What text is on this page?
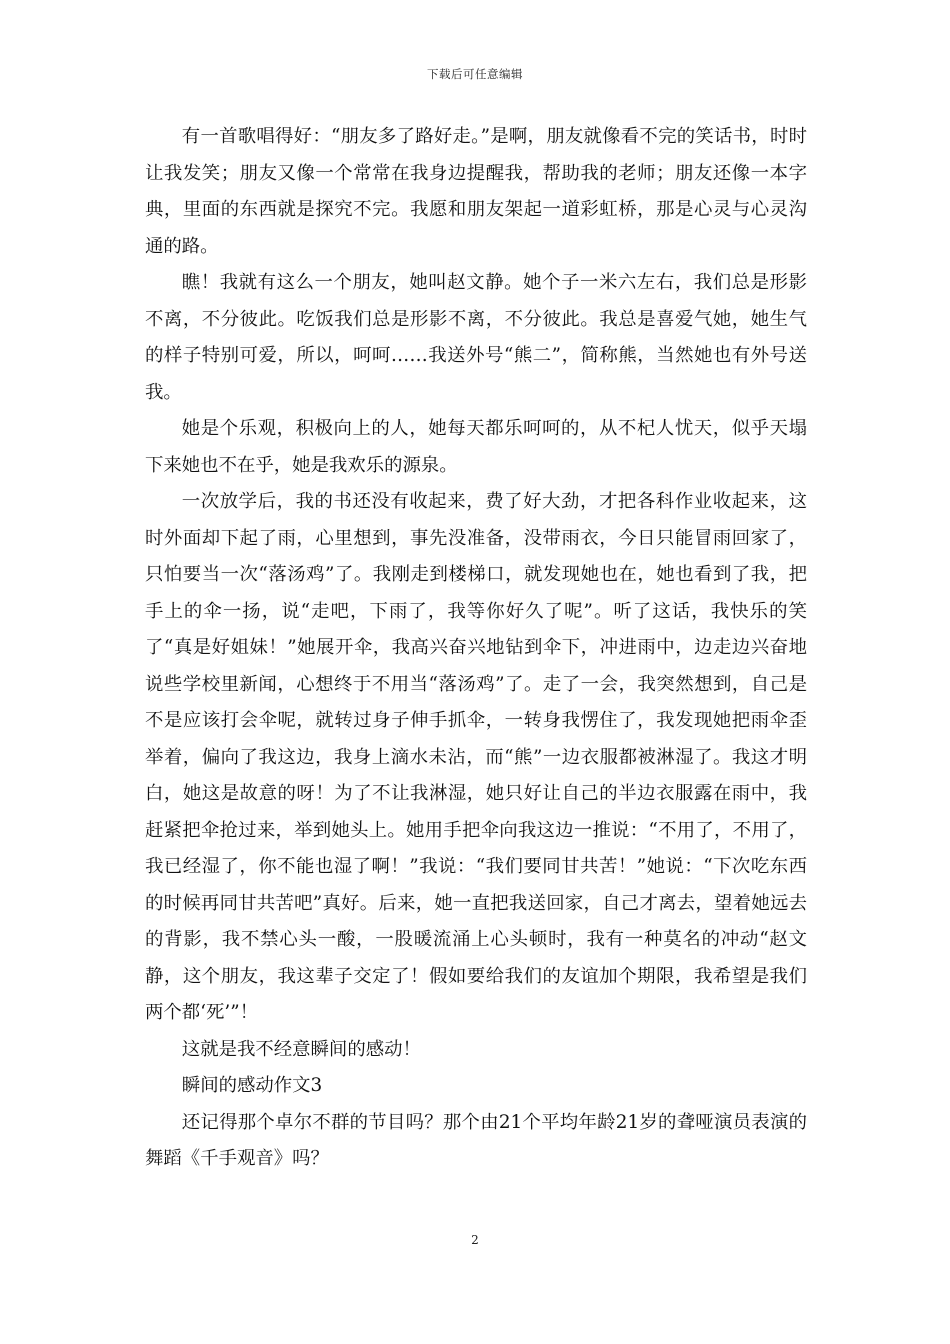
下载后可任意编辑

有一首歌唱得好：“朋友多了路好走。”是啊，朋友就像看不完的笑话书，时时让我发笑；朋友又像一个常常在我身边提醒我，帮助我的老师；朋友还像一本字典，里面的东西就是探究不完。我愿和朋友架起一道彩虹桥，那是心灵与心灵沟通的路。

瞧！我就有这么一个朋友，她叫赵文静。她个子一米六左右，我们总是形影不离，不分彼此。吃饭我们总是形影不离，不分彼此。我总是喜爱气她，她生气的样子特别可爱，所以，呵呵……我送外号“熊二”，简称熊，当然她也有外号送我。

她是个乐观，积极向上的人，她每天都乐呵呵的，从不杞人忧天，似乎天塌下来她也不在乎，她是我欢乐的源泉。

一次放学后，我的书还没有收起来，费了好大劲，才把各科作业收起来，这时外面却下起了雨，心里想到，事先没准备，没带雨衣，今日只能冒雨回家了，只怕要当一次“落汤鸡”了。我刚走到楼梯口，就发现她也在，她也看到了我，把手上的伞一扬，说“走吧，下雨了，我等你好久了呢”。听了这话，我快乐的笑了“真是好姐妹！”她展开伞，我高兴奋兴地钻到伞下，冲进雨中，边走边兴奋地说些学校里新闻，心想终于不用当“落汤鸡”了。走了一会，我突然想到，自己是不是应该打会伞呢，就转过身子伸手抓伞，一转身我愣住了，我发现她把雨伞歪举着，偏向了我这边，我身上滴水未沾，而“熊”一边衣服都被淋湿了。我这才明白，她这是故意的呀！为了不让我淋湿，她只好让自己的半边衣服露在雨中，我赶紧把伞抢过来，举到她头上。她用手把伞向我这边一推说：“不用了，不用了，我已经湿了，你不能也湿了啊！”我说：“我们要同甘共苦！”她说：“下次吃东西的时候再同甘共苦吧”真好。后来，她一直把我送回家，自己才离去，望着她远去的背影，我不禁心头一酸，一股暖流涌上心头顿时，我有一种莫名的冲动“赵文静，这个朋友，我这辈子交定了！假如要给我们的友谊加个期限，我希望是我们两个都‘死’”！

这就是我不经意瞬间的感动！

瞬间的感动作文3

还记得那个卓尔不群的节目吗？那个由21个平均年龄21岁的聋哑演员表演的舞蹈《千手观音》吗？

2
